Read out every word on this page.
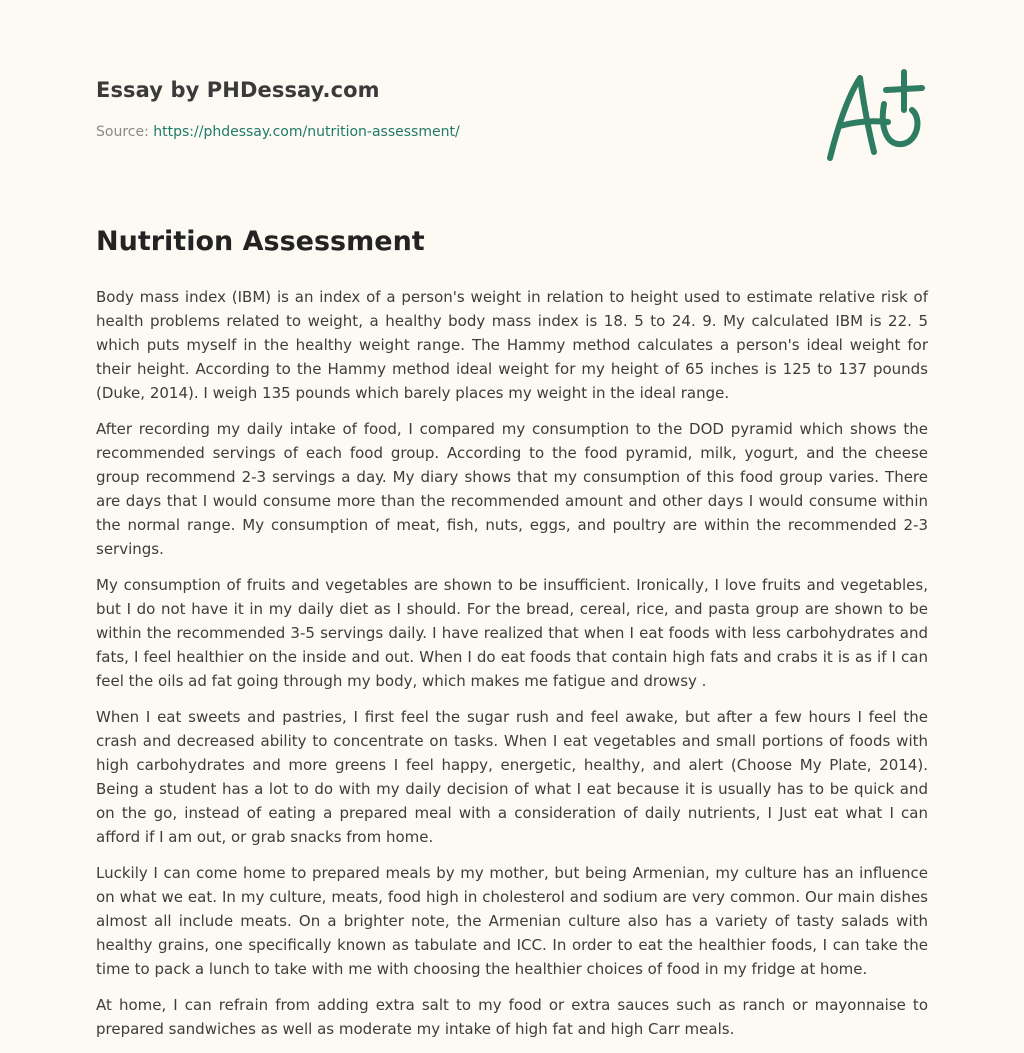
Essay by PHDessay.com
Source: https://phdessay.com/nutrition-assessment/
Nutrition Assessment

Body mass index (IBM) is an index of a person's weight in relation to height used to estimate relative risk of health problems related to weight, a healthy body mass index is 18. 5 to 24. 9. My calculated IBM is 22. 5 which puts myself in the healthy weight range. The Hammy method calculates a person's ideal weight for their height. According to the Hammy method ideal weight for my height of 65 inches is 125 to 137 pounds (Duke, 2014). I weigh 135 pounds which barely places my weight in the ideal range.

After recording my daily intake of food, I compared my consumption to the DOD pyramid which shows the recommended servings of each food group. According to the food pyramid, milk, yogurt, and the cheese group recommend 2-3 servings a day. My diary shows that my consumption of this food group varies. There are days that I would consume more than the recommended amount and other days I would consume within the normal range. My consumption of meat, fish, nuts, eggs, and poultry are within the recommended 2-3 servings.

My consumption of fruits and vegetables are shown to be insufficient. Ironically, I love fruits and vegetables, but I do not have it in my daily diet as I should. For the bread, cereal, rice, and pasta group are shown to be within the recommended 3-5 servings daily. I have realized that when I eat foods with less carbohydrates and fats, I feel healthier on the inside and out. When I do eat foods that contain high fats and crabs it is as if I can feel the oils ad fat going through my body, which makes me fatigue and drowsy .

When I eat sweets and pastries, I first feel the sugar rush and feel awake, but after a few hours I feel the crash and decreased ability to concentrate on tasks. When I eat vegetables and small portions of foods with high carbohydrates and more greens I feel happy, energetic, healthy, and alert (Choose My Plate, 2014). Being a student has a lot to do with my daily decision of what I eat because it is usually has to be quick and on the go, instead of eating a prepared meal with a consideration of daily nutrients, I Just eat what I can afford if I am out, or grab snacks from home.

Luckily I can come home to prepared meals by my mother, but being Armenian, my culture has an influence on what we eat. In my culture, meats, food high in cholesterol and sodium are very common. Our main dishes almost all include meats. On a brighter note, the Armenian culture also has a variety of tasty salads with healthy grains, one specifically known as tabulate and ICC. In order to eat the healthier foods, I can take the time to pack a lunch to take with me with choosing the healthier choices of food in my fridge at home.

At home, I can refrain from adding extra salt to my food or extra sauces such as ranch or mayonnaise to prepared sandwiches as well as moderate my intake of high fat and high Carr meals.
